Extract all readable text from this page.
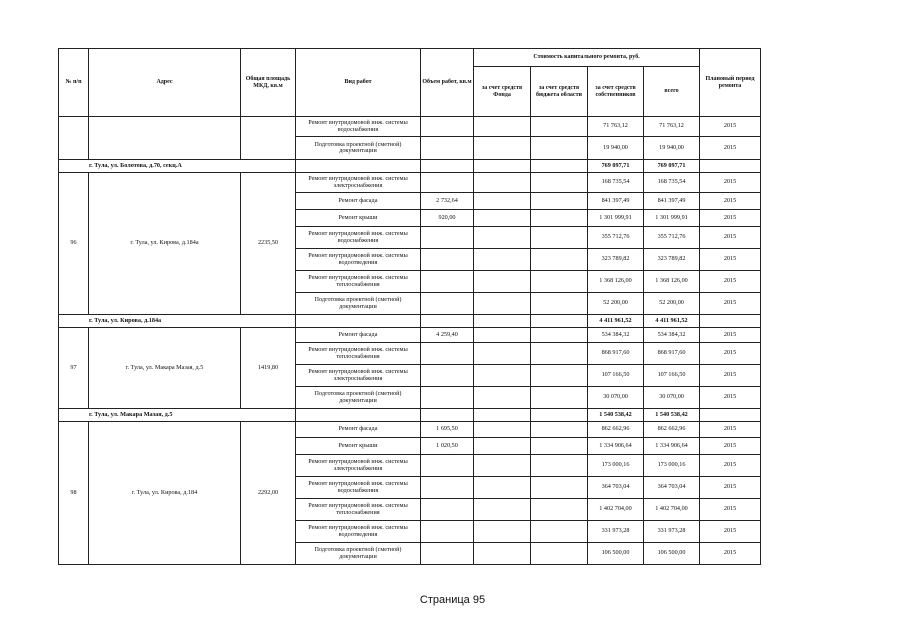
№ п/п	Адрес	Общая площадь МКД, кв.м	Вид работ	Объем работ, кв.м	Стоимость капитального ремонта, руб.				Плановый период ремонта
					за счет средств Фонда	за счет средств бюджета области	за счет средств собственников	всего	
			Ремонт внутридомовой инж. системы водоснабжения				71 763,12	71 763,12	2015
			Подготовка проектной (сметной) документации				19 940,00	19 940,00	2015
г. Тула, ул. Болотова, д.70, секц.А							769 097,71	769 097,71	
96	г. Тула, ул. Кирова, д.184а	2235,50	Ремонт внутридомовой инж. системы электроснабжения				168 735,54	168 735,54	2015
			Ремонт фасада	2 732,64			841 397,49	841 397,49	2015
			Ремонт крыши	920,00			1 301 999,91	1 301 999,91	2015
			Ремонт внутридомовой инж. системы водоснабжения				355 712,76	355 712,76	2015
			Ремонт внутридомовой инж. системы водоотведения				323 789,82	323 789,82	2015
			Ремонт внутридомовой инж. системы теплоснабжения				1 368 126,00	1 368 126,00	2015
			Подготовка проектной (сметной) документации				52 200,00	52 200,00	2015
г. Тула, ул. Кирова, д.184а							4 411 961,52	4 411 961,52	
97	г. Тула, ул. Макара Мазая, д.5	1419,80	Ремонт фасада	4 259,40			534 384,32	534 384,32	2015
			Ремонт внутридомовой инж. системы теплоснабжения				868 917,60	868 917,60	2015
			Ремонт внутридомовой инж. системы электроснабжения				107 166,50	107 166,50	2015
			Подготовка проектной (сметной) документации				30 070,00	30 070,00	2015
г. Тула, ул. Макара Мазая, д.5							1 540 538,42	1 540 538,42	
98	г. Тула, ул. Кирова, д.184	2292,00	Ремонт фасада	1 695,50			862 662,96	862 662,96	2015
			Ремонт крыши	1 020,50			1 334 906,64	1 334 906,64	2015
			Ремонт внутридомовой инж. системы электроснабжения				173 000,16	173 000,16	2015
			Ремонт внутридомовой инж. системы водоснабжения				364 703,04	364 703,04	2015
			Ремонт внутридомовой инж. системы теплоснабжения				1 402 704,00	1 402 704,00	2015
			Ремонт внутридомовой инж. системы водоотведения				331 973,28	331 973,28	2015
			Подготовка проектной (сметной) документации				106 500,00	106 500,00	2015
Страница 95
